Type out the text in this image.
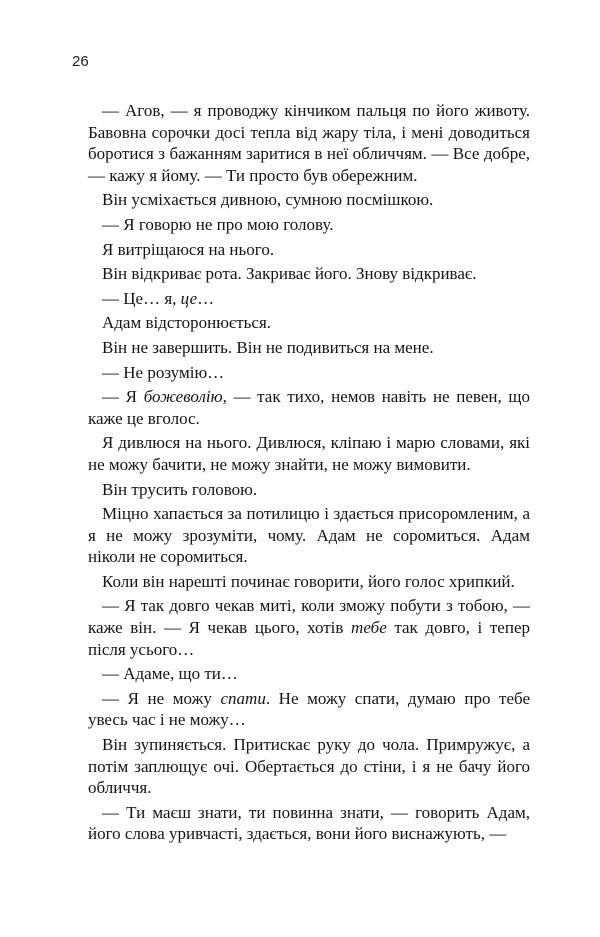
26

— Агов, — я проводжу кінчиком пальця по його животу. Бавовна сорочки досі тепла від жару тіла, і мені доводиться боротися з бажанням заритися в неї обличчям. — Все добре, — кажу я йому. — Ти просто був обережним.

Він усміхається дивною, сумною посмішкою.

— Я говорю не про мою голову.

Я витріщаюся на нього.

Він відкриває рота. Закриває його. Знову відкриває.

— Це… я, це…

Адам відсторонюється.

Він не завершить. Він не подивиться на мене.

— Не розумію…

— Я божеволію, — так тихо, немов навіть не певен, що каже це вголос.

Я дивлюся на нього. Дивлюся, кліпаю і марю словами, які не можу бачити, не можу знайти, не можу вимовити.

Він трусить головою.

Міцно хапається за потилицю і здається присоромленим, а я не можу зрозуміти, чому. Адам не соромиться. Адам ніколи не соромиться.

Коли він нарешті починає говорити, його голос хрипкий.

— Я так довго чекав миті, коли зможу побути з тобою, — каже він. — Я чекав цього, хотів тебе так довго, і тепер після усього…

— Адаме, що ти…

— Я не можу спати. Не можу спати, думаю про тебе увесь час і не можу…

Він зупиняється. Притискає руку до чола. Примружує, а потім заплющує очі. Обертається до стіни, і я не бачу його обличчя.

— Ти маєш знати, ти повинна знати, — говорить Адам, його слова уривчасті, здається, вони його виснажують, —
